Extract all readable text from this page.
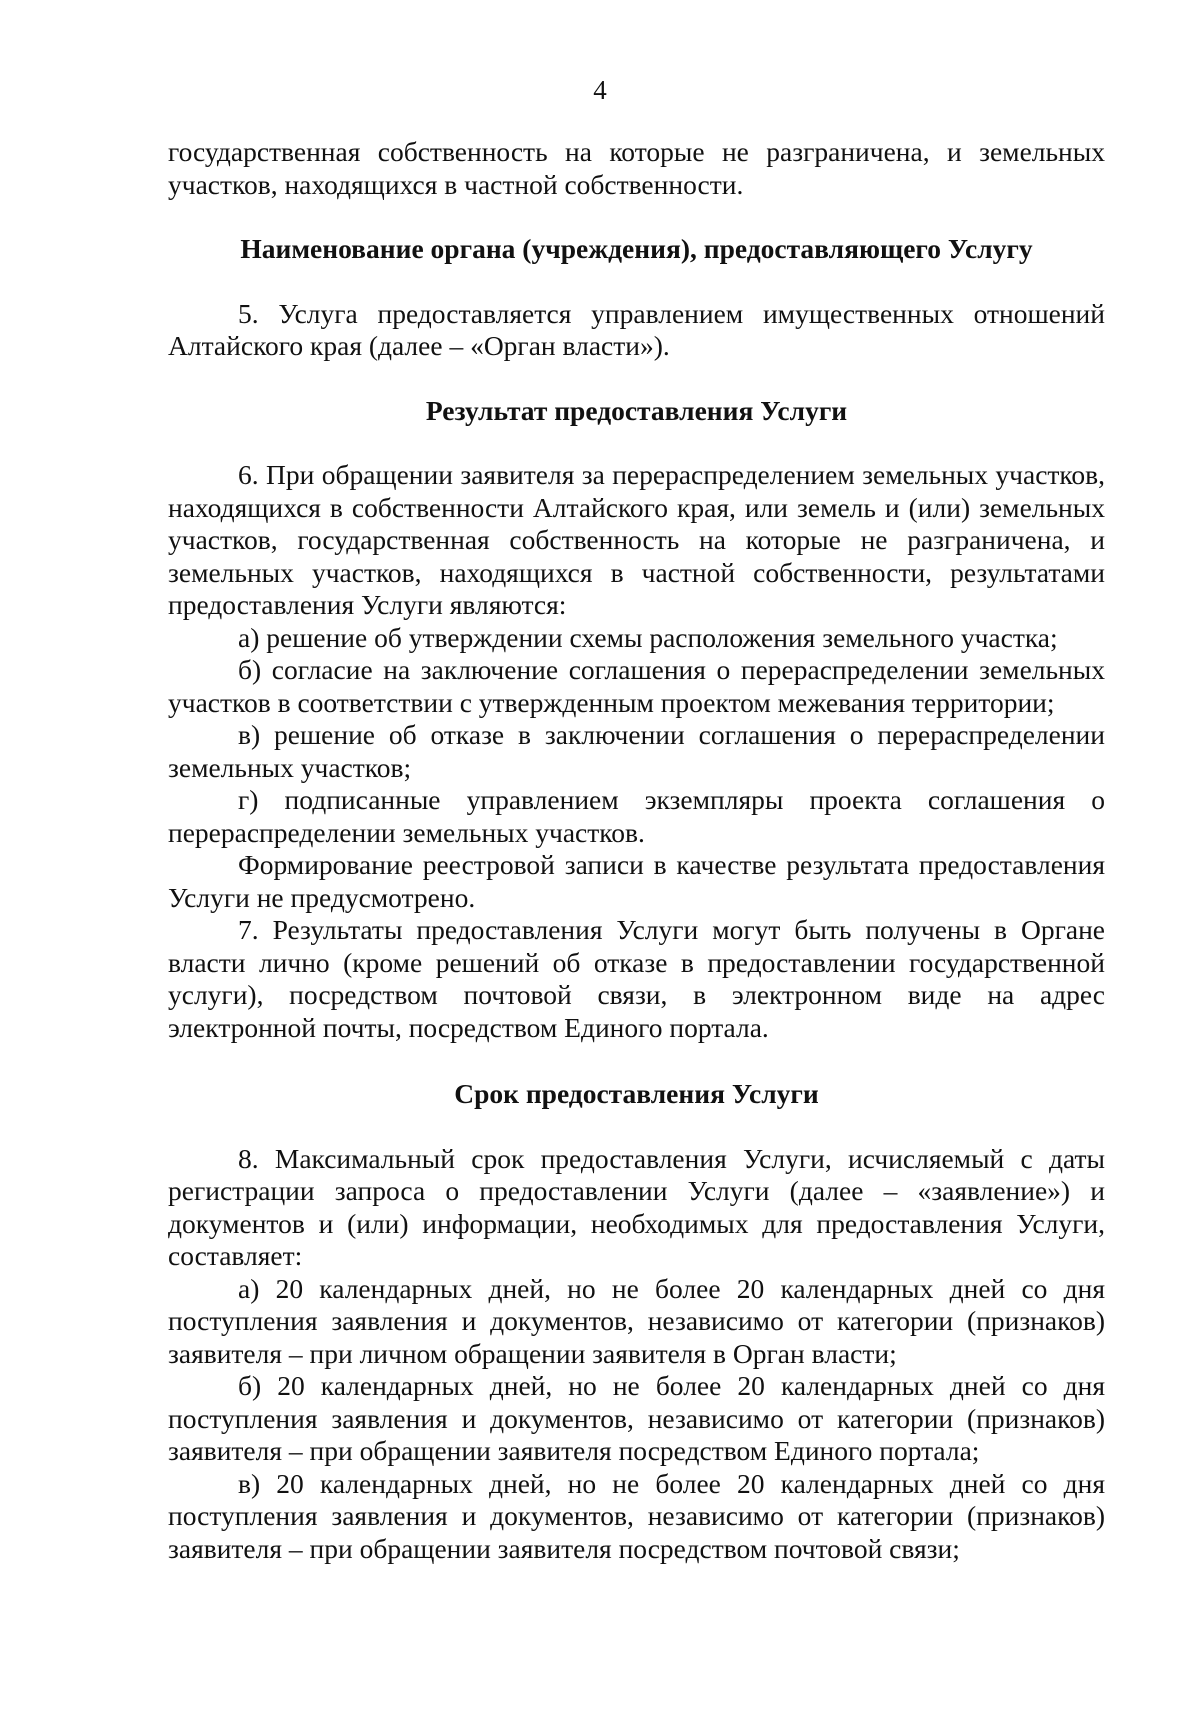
4

государственная собственность на которые не разграничена, и земельных участков, находящихся в частной собственности.

Наименование органа (учреждения), предоставляющего Услугу

5. Услуга предоставляется управлением имущественных отношений Алтайского края (далее – «Орган власти»).

Результат предоставления Услуги

6. При обращении заявителя за перераспределением земельных участков, находящихся в собственности Алтайского края, или земель и (или) земельных участков, государственная собственность на которые не разграничена, и земельных участков, находящихся в частной собственности, результатами предоставления Услуги являются:

а) решение об утверждении схемы расположения земельного участка;

б) согласие на заключение соглашения о перераспределении земельных участков в соответствии с утвержденным проектом межевания территории;

в) решение об отказе в заключении соглашения о перераспределении земельных участков;

г) подписанные управлением экземпляры проекта соглашения о перераспределении земельных участков.

Формирование реестровой записи в качестве результата предоставления Услуги не предусмотрено.

7. Результаты предоставления Услуги могут быть получены в Органе власти лично (кроме решений об отказе в предоставлении государственной услуги), посредством почтовой связи, в электронном виде на адрес электронной почты, посредством Единого портала.

Срок предоставления Услуги

8. Максимальный срок предоставления Услуги, исчисляемый с даты регистрации запроса о предоставлении Услуги (далее – «заявление») и документов и (или) информации, необходимых для предоставления Услуги, составляет:

а) 20 календарных дней, но не более 20 календарных дней со дня поступления заявления и документов, независимо от категории (признаков) заявителя – при личном обращении заявителя в Орган власти;

б) 20 календарных дней, но не более 20 календарных дней со дня поступления заявления и документов, независимо от категории (признаков) заявителя – при обращении заявителя посредством Единого портала;

в) 20 календарных дней, но не более 20 календарных дней со дня поступления заявления и документов, независимо от категории (признаков) заявителя – при обращении заявителя посредством почтовой связи;
